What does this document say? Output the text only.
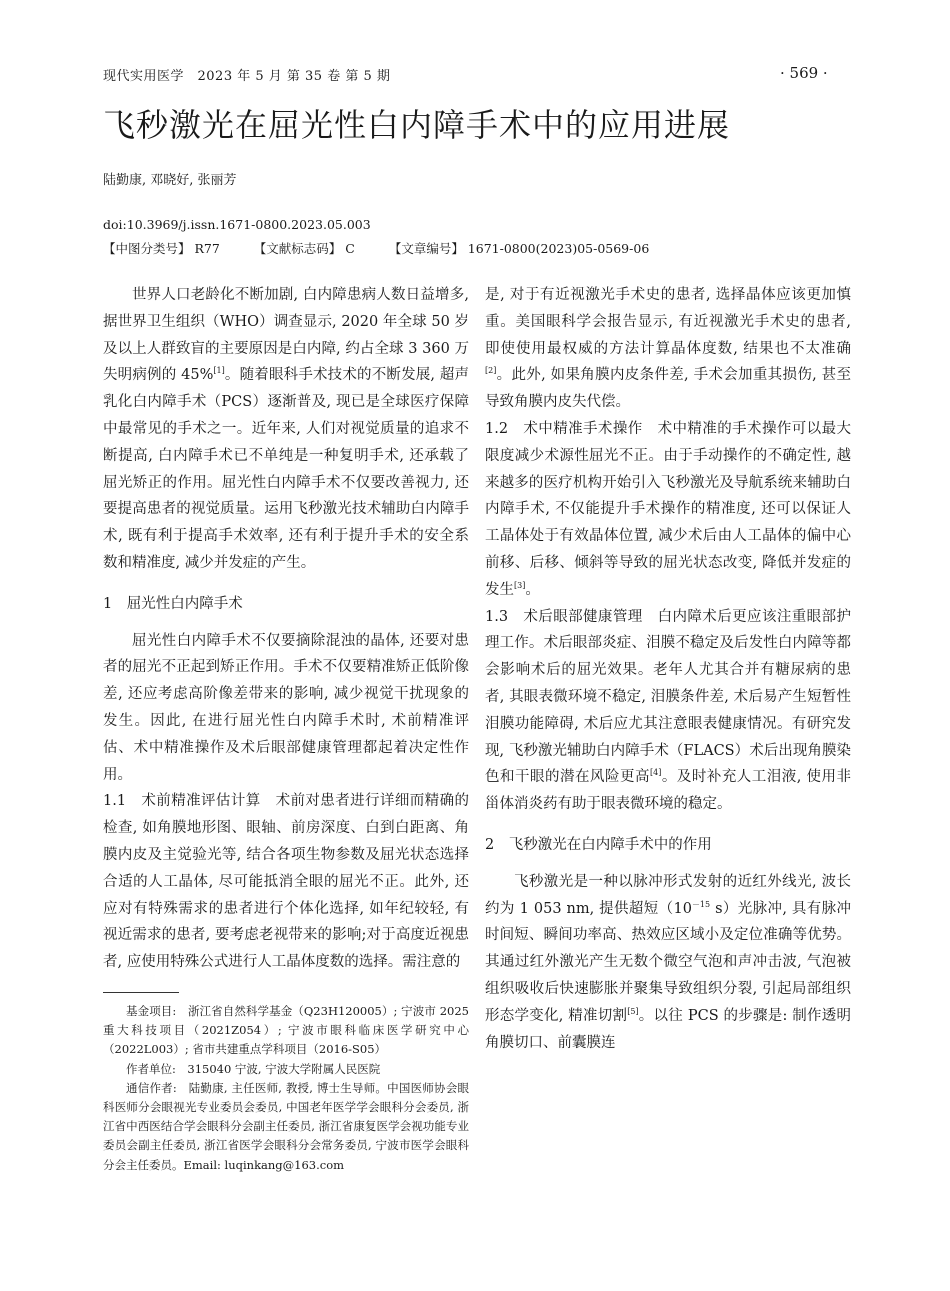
现代实用医学　2023 年 5 月 第 35 卷 第 5 期	· 569 ·
飞秒激光在屈光性白内障手术中的应用进展
陆勤康, 邓晓好, 张丽芳
doi:10.3969/j.issn.1671-0800.2023.05.003
【中图分类号】 R77	【文献标志码】 C	【文章编号】 1671-0800(2023)05-0569-06

世界人口老龄化不断加剧, 白内障患病人数日益增多, 据世界卫生组织（WHO）调查显示, 2020 年全球 50 岁及以上人群致盲的主要原因是白内障, 约占全球 3 360 万失明病例的 45%[1]。随着眼科手术技术的不断发展, 超声乳化白内障手术（PCS）逐渐普及, 现已是全球医疗保障中最常见的手术之一。近年来, 人们对视觉质量的追求不断提高, 白内障手术已不单纯是一种复明手术, 还承载了屈光矫正的作用。屈光性白内障手术不仅要改善视力, 还要提高患者的视觉质量。运用飞秒激光技术辅助白内障手术, 既有利于提高手术效率, 还有利于提升手术的安全系数和精准度, 减少并发症的产生。

1　屈光性白内障手术

屈光性白内障手术不仅要摘除混浊的晶体, 还要对患者的屈光不正起到矫正作用。手术不仅要精准矫正低阶像差, 还应考虑高阶像差带来的影响, 减少视觉干扰现象的发生。因此, 在进行屈光性白内障手术时, 术前精准评估、术中精准操作及术后眼部健康管理都起着决定性作用。

1.1　术前精准评估计算　术前对患者进行详细而精确的检查, 如角膜地形图、眼轴、前房深度、白到白距离、角膜内皮及主觉验光等, 结合各项生物参数及屈光状态选择合适的人工晶体, 尽可能抵消全眼的屈光不正。此外, 还应对有特殊需求的患者进行个体化选择, 如年纪较轻, 有视近需求的患者, 要考虑老视带来的影响;对于高度近视患者, 应使用特殊公式进行人工晶体度数的选择。需注意的

基金项目:　浙江省自然科学基金（Q23H120005）; 宁波市 2025 重大科技项目（2021Z054）; 宁波市眼科临床医学研究中心（2022L003）; 省市共建重点学科项目（2016-S05）

作者单位:　315040 宁波, 宁波大学附属人民医院

通信作者:　陆勤康, 主任医师, 教授, 博士生导师。中国医师协会眼科医师分会眼视光专业委员会委员, 中国老年医学学会眼科分会委员, 浙江省中西医结合学会眼科分会副主任委员, 浙江省康复医学会视功能专业委员会副主任委员, 浙江省医学会眼科分会常务委员, 宁波市医学会眼科分会主任委员。Email: luqinkang@163.com

是, 对于有近视激光手术史的患者, 选择晶体应该更加慎重。美国眼科学会报告显示, 有近视激光手术史的患者, 即使使用最权威的方法计算晶体度数, 结果也不太准确[2]。此外, 如果角膜内皮条件差, 手术会加重其损伤, 甚至导致角膜内皮失代偿。

1.2　术中精准手术操作　术中精准的手术操作可以最大限度减少术源性屈光不正。由于手动操作的不确定性, 越来越多的医疗机构开始引入飞秒激光及导航系统来辅助白内障手术, 不仅能提升手术操作的精准度, 还可以保证人工晶体处于有效晶体位置, 减少术后由人工晶体的偏中心前移、后移、倾斜等导致的屈光状态改变, 降低并发症的发生[3]。

1.3　术后眼部健康管理　白内障术后更应该注重眼部护理工作。术后眼部炎症、泪膜不稳定及后发性白内障等都会影响术后的屈光效果。老年人尤其合并有糖尿病的患者, 其眼表微环境不稳定, 泪膜条件差, 术后易产生短暂性泪膜功能障碍, 术后应尤其注意眼表健康情况。有研究发现, 飞秒激光辅助白内障手术（FLACS）术后出现角膜染色和干眼的潜在风险更高[4]。及时补充人工泪液, 使用非甾体消炎药有助于眼表微环境的稳定。

2　飞秒激光在白内障手术中的作用

飞秒激光是一种以脉冲形式发射的近红外线光, 波长约为 1 053 nm, 提供超短（$10^{-15}$ s）光脉冲, 具有脉冲时间短、瞬间功率高、热效应区域小及定位准确等优势。其通过红外激光产生无数个微空气泡和声冲击波, 气泡被组织吸收后快速膨胀并聚集导致组织分裂, 引起局部组织形态学变化, 精准切割[5]。以往 PCS 的步骤是: 制作透明角膜切口、前囊膜连
